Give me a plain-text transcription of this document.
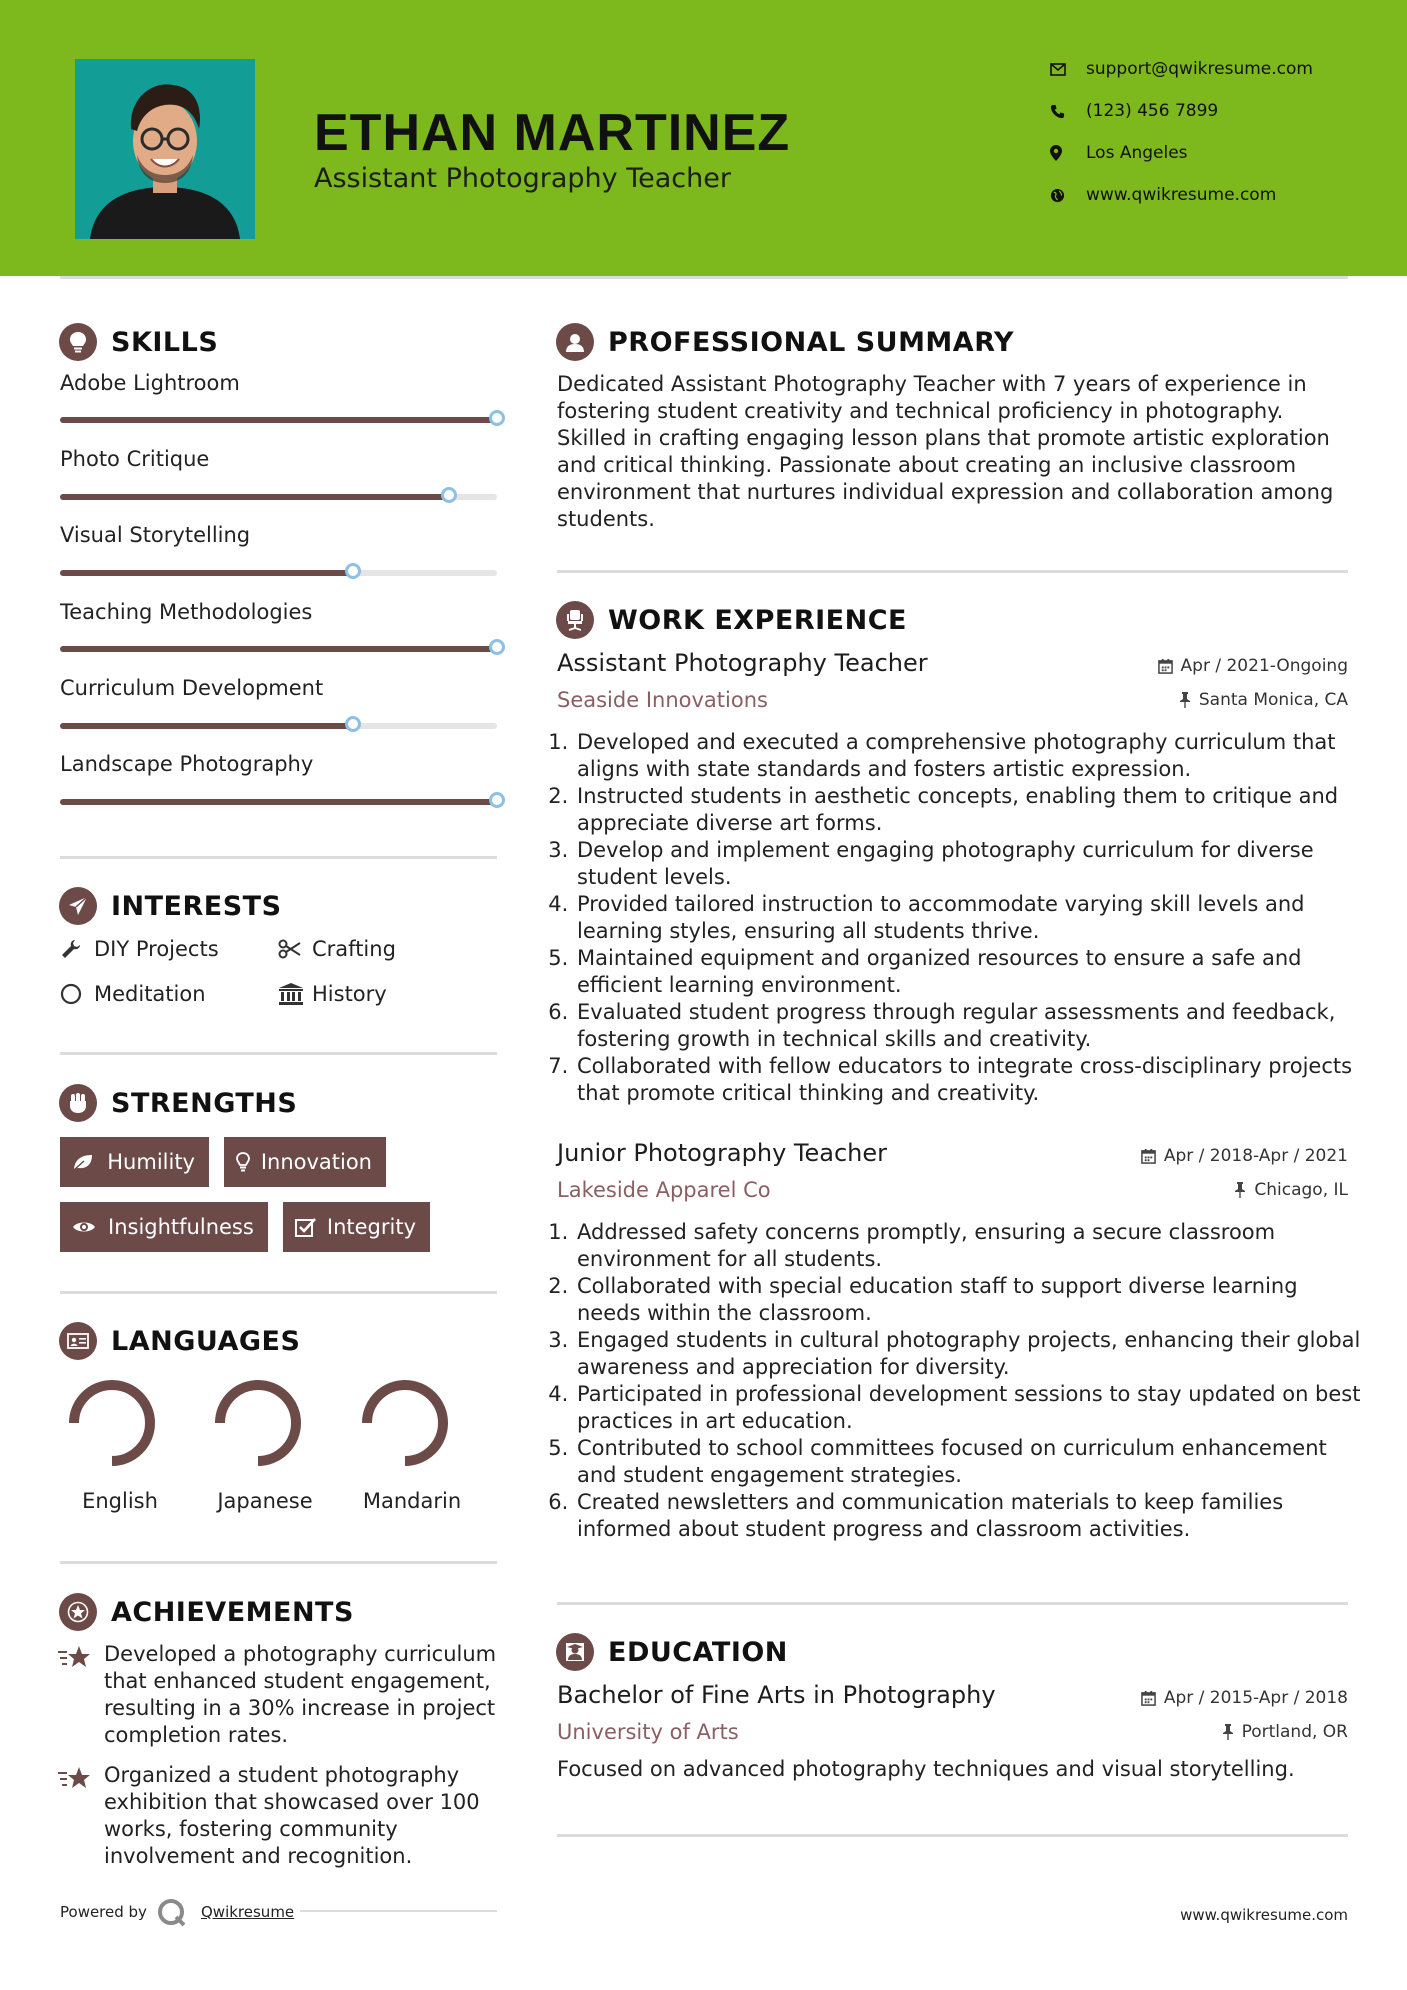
ETHAN MARTINEZ
Assistant Photography Teacher
support@qwikresume.com
(123) 456 7899
Los Angeles
www.qwikresume.com
SKILLS
Adobe Lightroom
Photo Critique
Visual Storytelling
Teaching Methodologies
Curriculum Development
Landscape Photography
INTERESTS
DIY Projects	Crafting
Meditation	History
STRENGTHS
Humility	Innovation
Insightfulness	Integrity
LANGUAGES
English	Japanese	Mandarin
ACHIEVEMENTS
Developed a photography curriculum that enhanced student engagement, resulting in a 30% increase in project completion rates.
Organized a student photography exhibition that showcased over 100 works, fostering community involvement and recognition.
Powered by	Qwikresume
PROFESSIONAL SUMMARY
Dedicated Assistant Photography Teacher with 7 years of experience in fostering student creativity and technical proficiency in photography. Skilled in crafting engaging lesson plans that promote artistic exploration and critical thinking. Passionate about creating an inclusive classroom environment that nurtures individual expression and collaboration among students.
WORK EXPERIENCE
Assistant Photography Teacher	Apr / 2021-Ongoing
Seaside Innovations	Santa Monica, CA
1. Developed and executed a comprehensive photography curriculum that aligns with state standards and fosters artistic expression.
2. Instructed students in aesthetic concepts, enabling them to critique and appreciate diverse art forms.
3. Develop and implement engaging photography curriculum for diverse student levels.
4. Provided tailored instruction to accommodate varying skill levels and learning styles, ensuring all students thrive.
5. Maintained equipment and organized resources to ensure a safe and efficient learning environment.
6. Evaluated student progress through regular assessments and feedback, fostering growth in technical skills and creativity.
7. Collaborated with fellow educators to integrate cross-disciplinary projects that promote critical thinking and creativity.
Junior Photography Teacher	Apr / 2018-Apr / 2021
Lakeside Apparel Co	Chicago, IL
1. Addressed safety concerns promptly, ensuring a secure classroom environment for all students.
2. Collaborated with special education staff to support diverse learning needs within the classroom.
3. Engaged students in cultural photography projects, enhancing their global awareness and appreciation for diversity.
4. Participated in professional development sessions to stay updated on best practices in art education.
5. Contributed to school committees focused on curriculum enhancement and student engagement strategies.
6. Created newsletters and communication materials to keep families informed about student progress and classroom activities.
EDUCATION
Bachelor of Fine Arts in Photography	Apr / 2015-Apr / 2018
University of Arts	Portland, OR
Focused on advanced photography techniques and visual storytelling.
www.qwikresume.com
